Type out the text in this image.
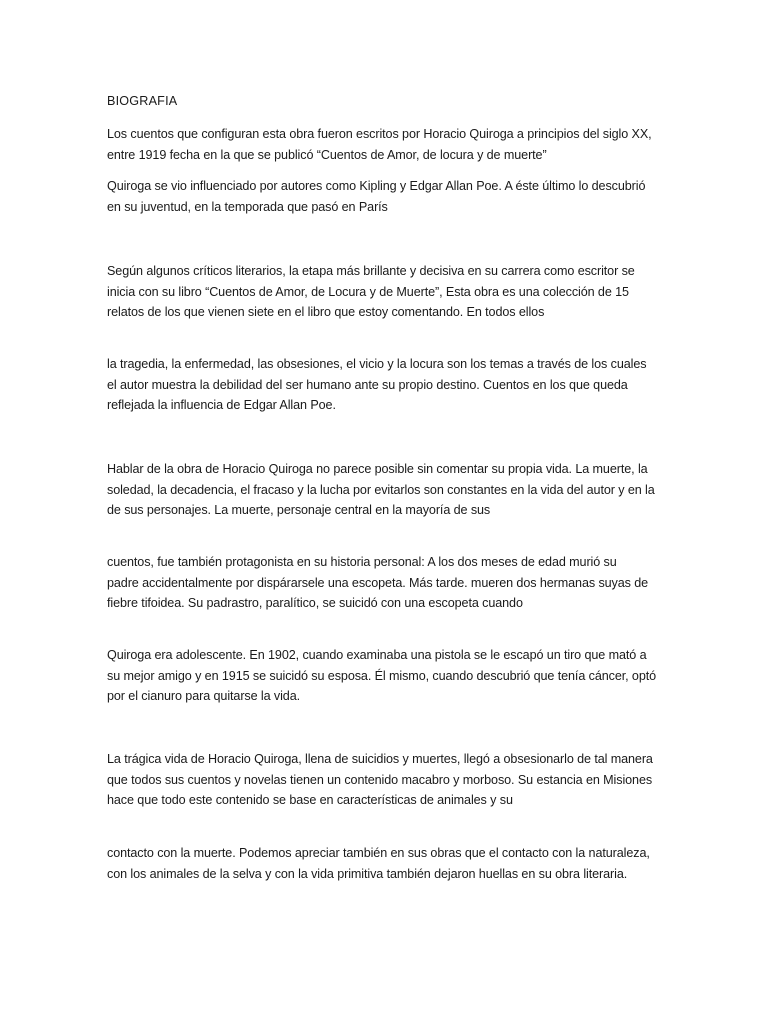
BIOGRAFIA
Los cuentos que configuran esta obra fueron escritos por Horacio Quiroga a principios del siglo XX,
entre 1919 fecha en la que se publicó “Cuentos de Amor, de locura y de muerte”
Quiroga se vio influenciado por autores como Kipling y Edgar Allan Poe. A éste último lo descubrió
en su juventud, en la temporada que pasó en París
Según algunos críticos literarios, la etapa más brillante y decisiva en su carrera como escritor se
inicia con su libro “Cuentos de Amor, de Locura y de Muerte”, Esta obra es una colección de 15
relatos de los que vienen siete en el libro que estoy comentando. En todos ellos
la tragedia, la enfermedad, las obsesiones, el vicio y la locura son los temas a través de los cuales
el autor muestra la debilidad del ser humano ante su propio destino. Cuentos en los que queda
reflejada la influencia de Edgar Allan Poe.
Hablar de la obra de Horacio Quiroga no parece posible sin comentar su propia vida. La muerte, la
soledad, la decadencia, el fracaso y la lucha por evitarlos son constantes en la vida del autor y en la
de sus personajes. La muerte, personaje central en la mayoría de sus
cuentos, fue también protagonista en su historia personal: A los dos meses de edad murió su
padre accidentalmente por dispárarsele una escopeta. Más tarde. mueren dos hermanas suyas de
fiebre tifoidea. Su padrastro, paralítico, se suicidó con una escopeta cuando
Quiroga era adolescente. En 1902, cuando examinaba una pistola se le escapó un tiro que mató a
su mejor amigo y en 1915 se suicidó su esposa. Él mismo, cuando descubrió que tenía cáncer, optó
por el cianuro para quitarse la vida.
La trágica vida de Horacio Quiroga, llena de suicidios y muertes, llegó a obsesionarlo de tal manera
que todos sus cuentos y novelas tienen un contenido macabro y morboso. Su estancia en Misiones
hace que todo este contenido se base en características de animales y su
contacto con la muerte. Podemos apreciar también en sus obras que el contacto con la naturaleza,
con los animales de la selva y con la vida primitiva también dejaron huellas en su obra literaria.
